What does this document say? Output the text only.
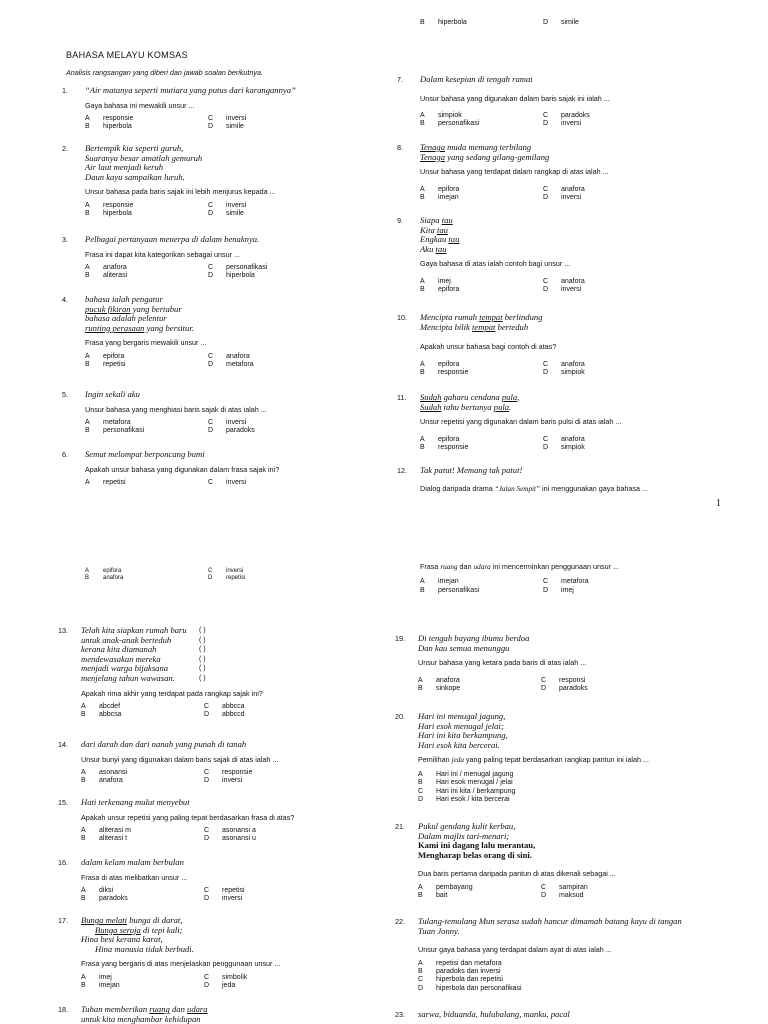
BAHASA MELAYU KOMSAS
Analisis rangsangan yang diberi dan jawab soalan berikutnya.
1.	“Air matanya seperti mutiara yang putus dari karangannya”
Gaya bahasa ini mewakili unsur ...
A	responsie	C	inversi
B	hiperbola	D	simile
2.	Bertempik kia seperti guruh,
Suaranya besar amatlah gemuruh
Air laut menjadi keruh
Daun kayu sampaikan luruh.
Unsur bahasa pada baris sajak ini lebih menjurus kepada ...
A	responsie	C	inversi
B	hiperbola	D	simile
3.	Pelbagai pertanyaan menerpa di dalam benaknya.
Frasa ini dapat kita kategorikan sebagai unsur ...
A	anafora	C	personafikasi
B	aliterasi	D	hiperbola
4.	bahasa ialah pengatur
pucuk fikiran yang bertabur
bahasa adalah pelentur
runting perasaan yang bersitur.
Frasa yang bergaris mewakili unsur ...
A	epifora	C	anafora
B	repetisi	D	metafora
5.	Ingin sekali aku
Unsur bahasa yang menghiasi baris sajak di atas ialah ...
A	metafora	C	inversi
B	personafikasi	D	paradoks
6.	Semut melompat berponcang bumi
Apakah unsur bahasa yang digunakan dalam frasa sajak ini?
A	repetisi	C	inversi
B	hiperbola	D	simile
7.	Dalam kesepian di tengah ramai
Unsur bahasa yang digunakan dalam baris sajak ini ialah ...
A	simpiok	C	paradoks
B	personafikasi	D	inversi
8.	Tenaga muda memang terbilang
Tenaga yang sedang gilang-gemilang
Unsur bahasa yang terdapat dalam rangkap di atas ialah ...
A	epifora	C	anafora
B	imejan	D	inversi
9.	Siapa tau
Kita tau
Engkau tau
Aku tau
Gaya bahasa di atas ialah contoh bagi unsur ...
A	imej	C	anafora
B	epifora	D	inversi
10.	Mencipta rumah tempat berlindung
Mencipta bilik tempat berteduh
Apakah unsur bahasa bagi contoh di atas?
A	epifora	C	anafora
B	responsie	D	simpiok
11.	Sudah gaharu cendana pula,
Sudah tahu bertanya pula.
Unsur repetisi yang digunakan dalam baris pulsi di atas ialah ...
A	epifora	C	anafora
B	responsie	D	simpiok
12.	Tak patut! Memang tak patut!
Dialog daripada drama “Jalan Sempit” ini menggunakan gaya bahasa ...
1
A	epifora	C	inversi
B	anafora	D	repetisi
Frasa ruang dan udara ini mencerminkan penggunaan unsur ...
A	imejan	C	metafora
B	personafikasi	D	imej
13.	Telah kita siapkan rumah baru	( )
untuk anak-anak berteduh	( )
kerana kita diamanah	( )
mendewasakan mereka	( )
menjadi warga bijaksana	( )
menjelang tahun wawasan.	( )
Apakah rima akhir yang terdapat pada rangkap sajak ini?
A	abcdef	C	abbcca
B	abbcsa	D	abbccd
14.	dari darah dan dari nanah yang punah di tanah
Unsur bunyi yang digunakan dalam baris sajak di atas ialah ...
A	asonansi	C	responsie
B	anafora	D	inversi
15.	Hati terkenang mulut menyebut
Apakah unsur repetisi yang paling tepat berdasarkan frasa di atas?
A	aliterasi m	C	asonansi a
B	aliterasi t	D	asonansi u
16.	dalam kelam malam berbulan
Frasa di atas melibatkan unsur ...
A	diksi	C	repetisi
B	paradoks	D	inversi
17.	Bunga melati bunga di darat,
Bunga seroja di tepi kali;
Hina besi kerana karat,
Hina manusia tidak berbudi.
Frasa yang bergaris di atas menjelaskan penggunaan unsur ...
A	imej	C	simbolik
B	imejan	D	jeda
18.	Tuhan memberikan ruang dan udara
untuk kita menghambar kehidupan
19.	Di tengah bayang ibumu berdoa
Dan kau semua menunggu
Unsur bahasa yang ketara pada baris di atas ialah ...
A	anafora	C	responsi
B	sinkope	D	paradoks
20.	Hari ini menugal jagung,
Hari esok menugal jelai;
Hari ini kita berkampung,
Hari esok kita bercerai.
Pemilihan jeda yang paling tepat berdasarkan rangkap pantun ini ialah ...
A	Hari ini / menugal jagung
B	Hari esok menugal / jelai
C	Hari ini kita / berkampung
D	Hari esok / kita bercerai
21.	Pukul gendang kulit kerbau,
Dalam majlis tari-menari;
Kami ini dagang lalu merantau,
Mengharap belas orang di sini.
Dua baris pertama daripada pantun di atas dikenali sebagai ...
A	pembayang	C	sampiran
B	bait	D	maksud
22.	Tulang-temulang Mun serasa sudah hancur dimamah batang kayu di tangan
Tuan Jonny.
Unsur gaya bahasa yang terdapat dalam ayat di atas ialah ...
A	repetisi dan metafora
B	paradoks dan inversi
C	hiperbola dan repetisi
D	hiperbola dan personafikasi
23.	sarwa, biduanda, hulubalang, manku, pacal
